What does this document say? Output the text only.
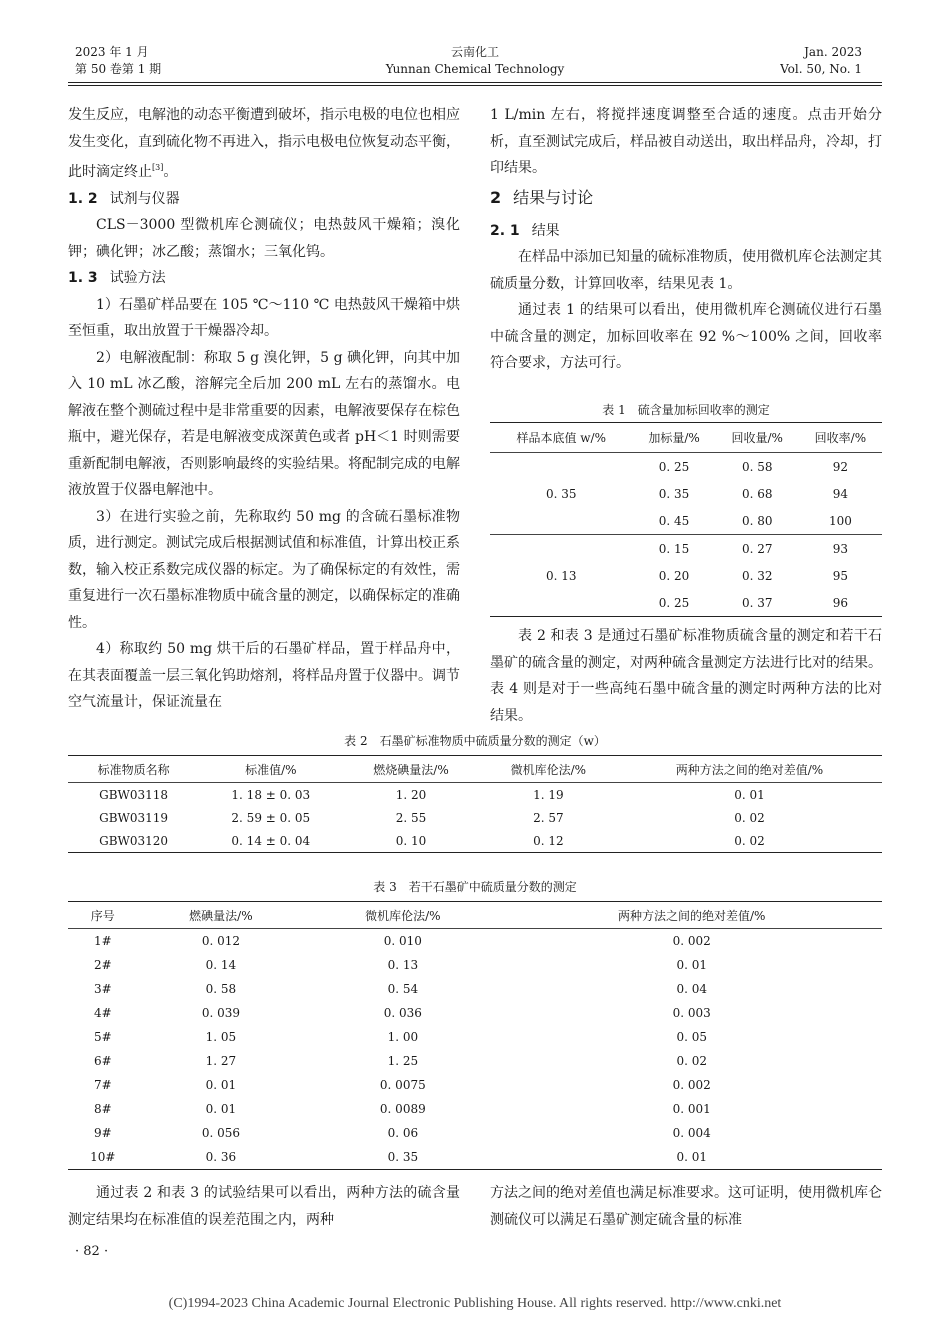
2023 年 1 月
第 50 卷第 1 期
云南化工
Yunnan Chemical Technology
Jan. 2023
Vol. 50, No. 1

发生反应，电解池的动态平衡遭到破坏，指示电极的电位也相应发生变化，直到硫化物不再进入，指示电极电位恢复动态平衡，此时滴定终止[3]。

1. 2 试剂与仪器

CLS－3000 型微机库仑测硫仪；电热鼓风干燥箱；溴化钾；碘化钾；冰乙酸；蒸馏水；三氧化钨。

1. 3 试验方法

1）石墨矿样品要在 105 ℃～110 ℃ 电热鼓风干燥箱中烘至恒重，取出放置于干燥器冷却。

2）电解液配制：称取 5 g 溴化钾，5 g 碘化钾，向其中加入 10 mL 冰乙酸，溶解完全后加 200 mL 左右的蒸馏水。电解液在整个测硫过程中是非常重要的因素，电解液要保存在棕色瓶中，避光保存，若是电解液变成深黄色或者 pH＜1 时则需要重新配制电解液，否则影响最终的实验结果。将配制完成的电解液放置于仪器电解池中。

3）在进行实验之前，先称取约 50 mg 的含硫石墨标准物质，进行测定。测试完成后根据测试值和标准值，计算出校正系数，输入校正系数完成仪器的标定。为了确保标定的有效性，需重复进行一次石墨标准物质中硫含量的测定，以确保标定的准确性。

4）称取约 50 mg 烘干后的石墨矿样品，置于样品舟中，在其表面覆盖一层三氧化钨助熔剂，将样品舟置于仪器中。调节空气流量计，保证流量在

1 L/min 左右，将搅拌速度调整至合适的速度。点击开始分析，直至测试完成后，样品被自动送出，取出样品舟，冷却，打印结果。

2 结果与讨论

2. 1 结果

在样品中添加已知量的硫标准物质，使用微机库仑法测定其硫质量分数，计算回收率，结果见表 1。

通过表 1 的结果可以看出，使用微机库仑测硫仪进行石墨中硫含量的测定，加标回收率在 92 %～100% 之间，回收率符合要求，方法可行。

表 1　硫含量加标回收率的测定
样品本底值 w/%	加标量/%	回收量/%	回收率/%
0. 35	0. 25	0. 58	92
	0. 35	0. 68	94
	0. 45	0. 80	100
0. 13	0. 15	0. 27	93
	0. 20	0. 32	95
	0. 25	0. 37	96

表 2 和表 3 是通过石墨矿标准物质硫含量的测定和若干石墨矿的硫含量的测定，对两种硫含量测定方法进行比对的结果。表 4 则是对于一些高纯石墨中硫含量的测定时两种方法的比对结果。

表 2　石墨矿标准物质中硫质量分数的测定（w）
标准物质名称	标准值/%	燃烧碘量法/%	微机库伦法/%	两种方法之间的绝对差值/%
GBW03118	1. 18 ± 0. 03	1. 20	1. 19	0. 01
GBW03119	2. 59 ± 0. 05	2. 55	2. 57	0. 02
GBW03120	0. 14 ± 0. 04	0. 10	0. 12	0. 02
表 3　若干石墨矿中硫质量分数的测定
序号	燃碘量法/%	微机库伦法/%	两种方法之间的绝对差值/%
1#	0. 012	0. 010	0. 002
2#	0. 14	0. 13	0. 01
3#	0. 58	0. 54	0. 04
4#	0. 039	0. 036	0. 003
5#	1. 05	1. 00	0. 05
6#	1. 27	1. 25	0. 02
7#	0. 01	0. 0075	0. 002
8#	0. 01	0. 0089	0. 001
9#	0. 056	0. 06	0. 004
10#	0. 36	0. 35	0. 01

通过表 2 和表 3 的试验结果可以看出，两种方法的硫含量测定结果均在标准值的误差范围之内，两种

方法之间的绝对差值也满足标准要求。这可证明，使用微机库仑测硫仪可以满足石墨矿测定硫含量的标准

· 82 ·
(C)1994-2023 China Academic Journal Electronic Publishing House. All rights reserved. http://www.cnki.net
